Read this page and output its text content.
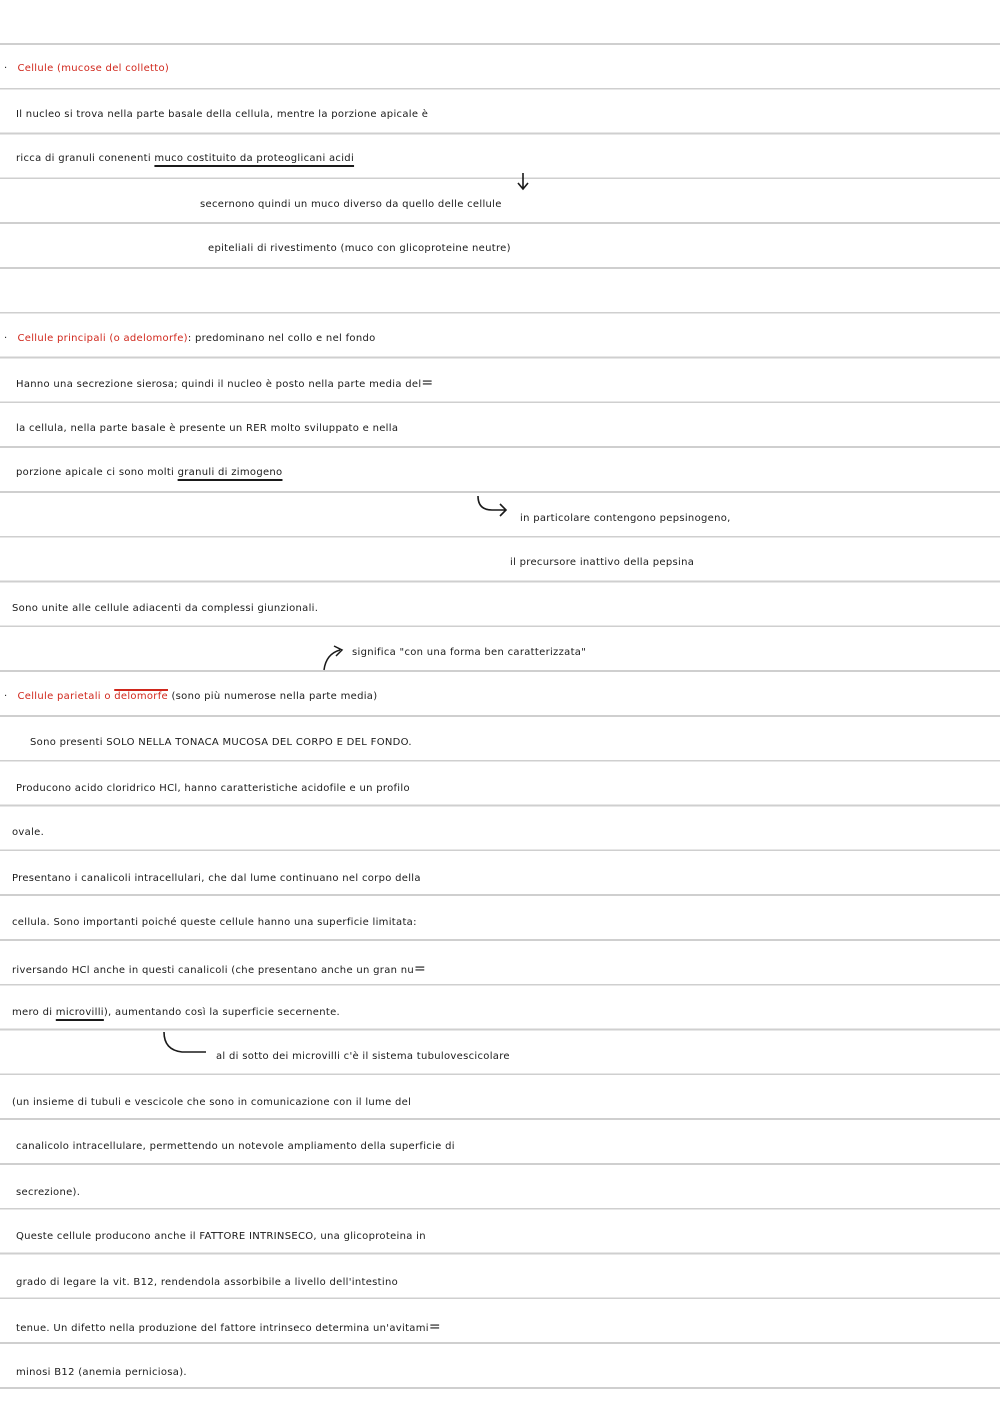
· Cellule (mucose del colletto)
Il nucleo si trova nella parte basale della cellula, mentre la porzione apicale è
ricca di granuli conenenti muco costituito da proteoglicani acidi
secernono quindi un muco diverso da quello delle cellule
epiteliali di rivestimento (muco con glicoproteine neutre)
· Cellule principali (o adelomorfe): predominano nel collo e nel fondo
Hanno una secrezione sierosa; quindi il nucleo è posto nella parte media del=
la cellula, nella parte basale è presente un RER molto sviluppato e nella
porzione apicale ci sono molti granuli di zimogeno
in particolare contengono pepsinogeno,
il precursore inattivo della pepsina
Sono unite alle cellule adiacenti da complessi giunzionali.
significa "con una forma ben caratterizzata"
· Cellule parietali o delomorfe (sono più numerose nella parte media)
Sono presenti SOLO NELLA TONACA MUCOSA DEL CORPO E DEL FONDO.
Producono acido cloridrico HCl, hanno caratteristiche acidofile e un profilo
ovale.
Presentano i canalicoli intracellulari, che dal lume continuano nel corpo della
cellula. Sono importanti poiché queste cellule hanno una superficie limitata:
riversando HCl anche in questi canalicoli (che presentano anche un gran nu=
mero di microvilli), aumentando così la superficie secernente.
al di sotto dei microvilli c'è il sistema tubulovescicolare
(un insieme di tubuli e vescicole che sono in comunicazione con il lume del
canalicolo intracellulare, permettendo un notevole ampliamento della superficie di
secrezione).
Queste cellule producono anche il FATTORE INTRINSECO, una glicoproteina in
grado di legare la vit. B12, rendendola assorbibile a livello dell'intestino
tenue. Un difetto nella produzione del fattore intrinseco determina un'avitami=
minosi B12 (anemia perniciosa).
